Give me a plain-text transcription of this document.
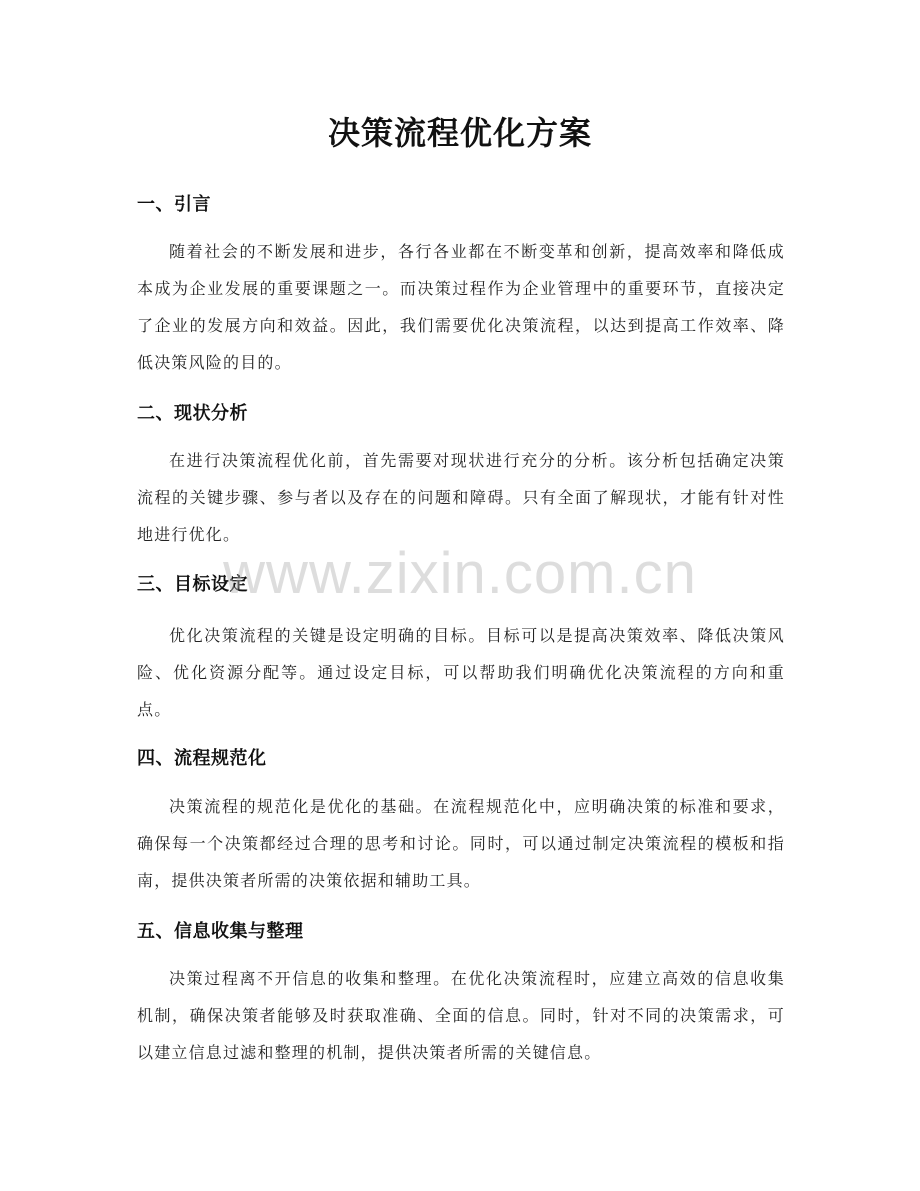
决策流程优化方案
一、引言

随着社会的不断发展和进步，各行各业都在不断变革和创新，提高效率和降低成本成为企业发展的重要课题之一。而决策过程作为企业管理中的重要环节，直接决定了企业的发展方向和效益。因此，我们需要优化决策流程，以达到提高工作效率、降低决策风险的目的。

二、现状分析

在进行决策流程优化前，首先需要对现状进行充分的分析。该分析包括确定决策流程的关键步骤、参与者以及存在的问题和障碍。只有全面了解现状，才能有针对性地进行优化。

三、目标设定

优化决策流程的关键是设定明确的目标。目标可以是提高决策效率、降低决策风险、优化资源分配等。通过设定目标，可以帮助我们明确优化决策流程的方向和重点。

四、流程规范化

决策流程的规范化是优化的基础。在流程规范化中，应明确决策的标准和要求，确保每一个决策都经过合理的思考和讨论。同时，可以通过制定决策流程的模板和指南，提供决策者所需的决策依据和辅助工具。

五、信息收集与整理

决策过程离不开信息的收集和整理。在优化决策流程时，应建立高效的信息收集机制，确保决策者能够及时获取准确、全面的信息。同时，针对不同的决策需求，可以建立信息过滤和整理的机制，提供决策者所需的关键信息。

www.zixin.com.cn
